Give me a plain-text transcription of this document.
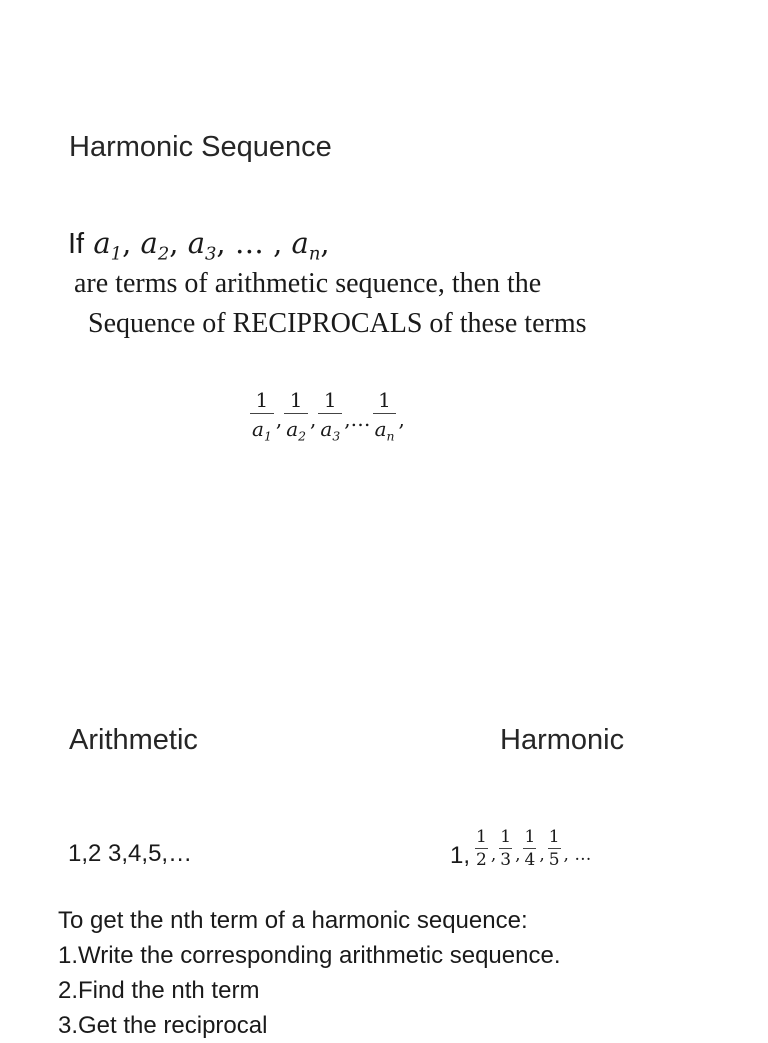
Harmonic Sequence
If $a_1$, $a_2$, $a_3$, … , $a_n$,
are terms of arithmetic sequence, then the
Sequence of RECIPROCALS of these terms
$\frac{1}{a_1}$ , $\frac{1}{a_2}$ , $\frac{1}{a_3}$ ,… $\frac{1}{a_n}$ ,
Arithmetic	Harmonic
1,2 3,4,5,…	1, $\frac{1}{2}$ , $\frac{1}{3}$ , $\frac{1}{4}$ , $\frac{1}{5}$ , …
To get the nth term of a harmonic sequence:
1.Write the corresponding arithmetic sequence.
2.Find the nth term
3.Get the reciprocal
